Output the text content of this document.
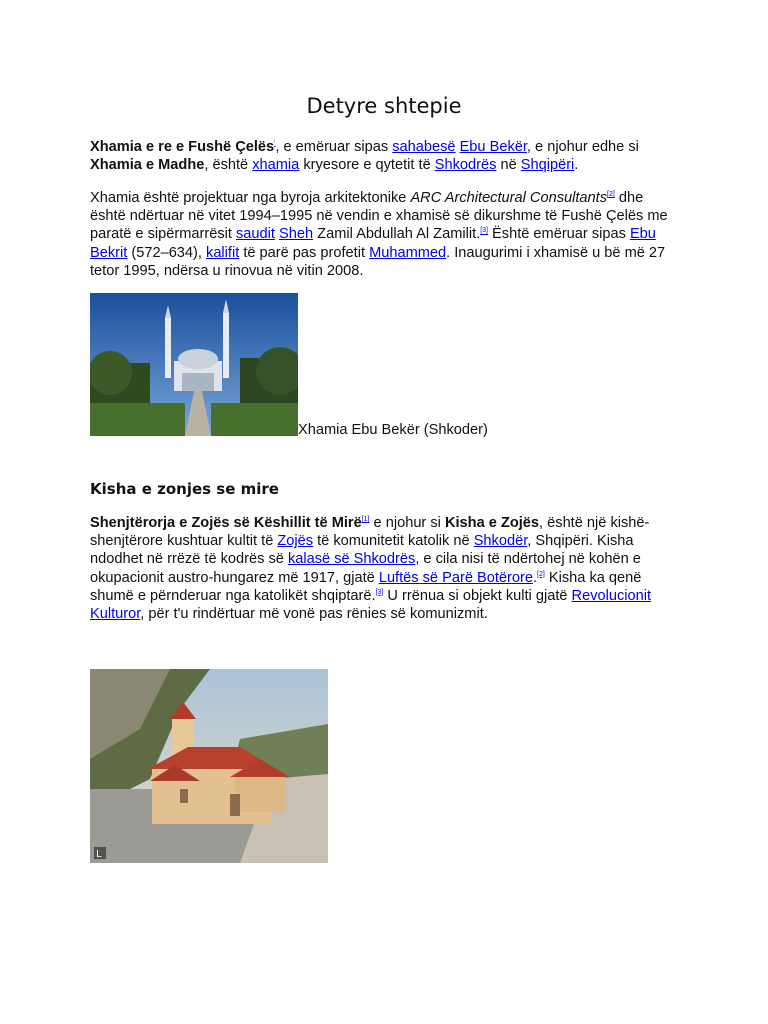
Detyre shtepie
Xhamia e re e Fushë Çelës$^{^i}$, e emëruar sipas sahabesë Ebu Bekër, e njohur edhe si Xhamia e Madhe, është xhamia kryesore e qytetit të Shkodrës në Shqipëri.
Xhamia është projektuar nga byroja arkitektonike ARC Architectural Consultants[2] dhe është ndërtuar në vitet 1994–1995 në vendin e xhamisë së dikurshme të Fushë Çelës me paratë e sipërmarrësit saudit Sheh Zamil Abdullah Al Zamilit.[3] Është emëruar sipas Ebu Bekrit (572–634), kalifit të parë pas profetit Muhammed. Inaugurimi i xhamisë u bë më 27 tetor 1995, ndërsa u rinovua në vitin 2008.
Xhamia Ebu Bekër (Shkoder)
Kisha e zonjes se mire
Shenjtërorja e Zojës së Këshillit të Mirë[1] e njohur si Kisha e Zojës, është një kishë-shenjtërore kushtuar kultit të Zojës të komunitetit katolik në Shkodër, Shqipëri. Kisha ndodhet në rrëzë të kodrës së kalasë së Shkodrës, e cila nisi të ndërtohej në kohën e okupacionit austro-hungarez më 1917, gjatë Luftës së Parë Botërore.[2] Kisha ka qenë shumë e përnderuar nga katolikët shqiptarë.[3] U rrënua si objekt kulti gjatë Revolucionit Kulturor, për t'u rindërtuar më vonë pas rënies së komunizmit.
L
